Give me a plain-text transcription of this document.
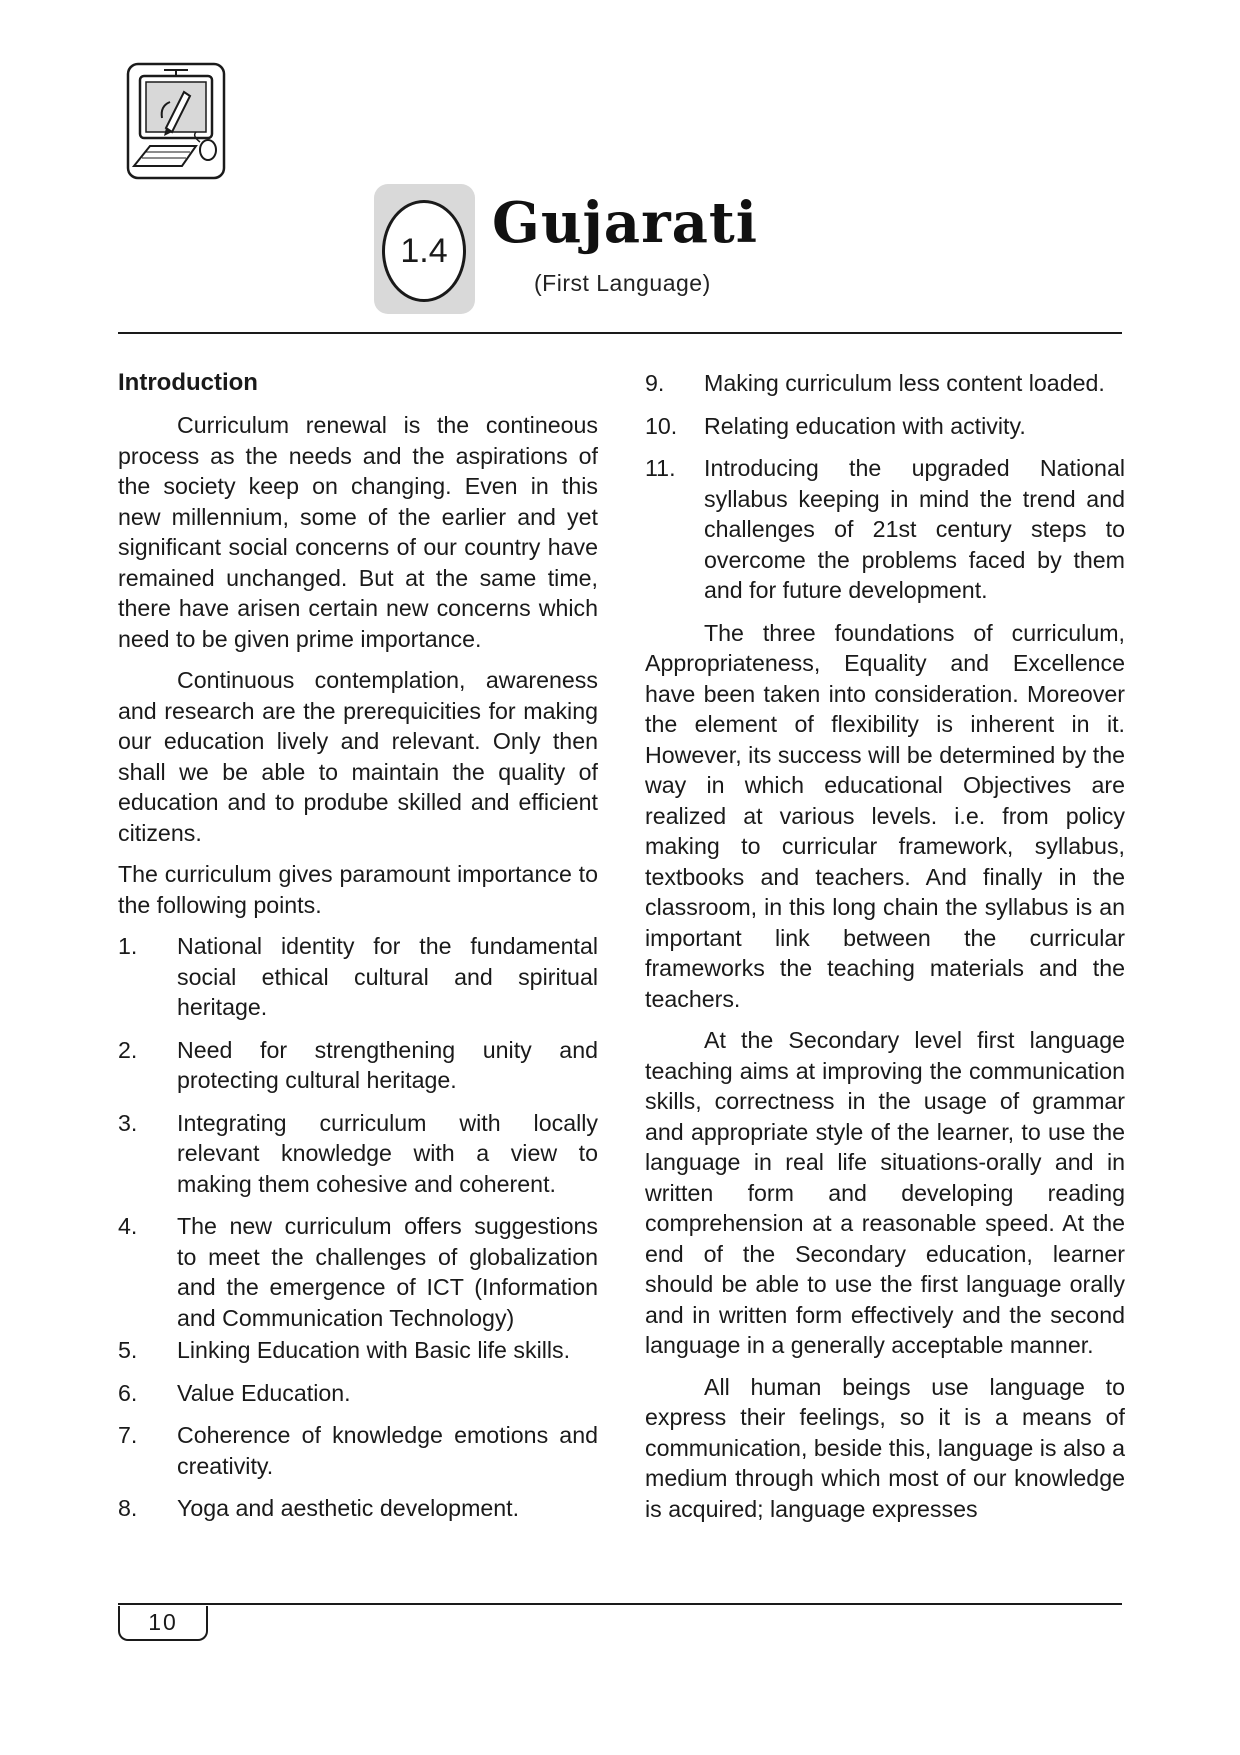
1.4 Gujarati
(First Language)
Introduction

Curriculum renewal is the contineous process as the needs and the aspirations of the society keep on changing. Even in this new millennium, some of the earlier and yet significant social concerns of our country have remained unchanged. But at the same time, there have arisen certain new concerns which need to be given prime importance.

Continuous contemplation, awareness and research are the prerequicities for making our education lively and relevant. Only then shall we be able to maintain the quality of education and to prodube skilled and efficient citizens.

The curriculum gives paramount importance to the following points.

1.	National identity for the fundamental social ethical cultural and spiritual heritage.
2.	Need for strengthening unity and protecting cultural heritage.
3.	Integrating curriculum with locally relevant knowledge with a view to making them cohesive and coherent.
4.	The new curriculum offers suggestions to meet the challenges of globalization and the emergence of ICT (Information and Communication Technology)
5.	Linking Education with Basic life skills.
6.	Value Education.
7.	Coherence of knowledge emotions and creativity.
8.	Yoga and aesthetic development.
9.	Making curriculum less content loaded.
10.	Relating education with activity.
11.	Introducing the upgraded National syllabus keeping in mind the trend and challenges of 21st century steps to overcome the problems faced by them and for future development.

The three foundations of curriculum, Appropriateness, Equality and Excellence have been taken into consideration. Moreover the element of flexibility is inherent in it. However, its success will be determined by the way in which educational Objectives are realized at various levels. i.e. from policy making to curricular framework, syllabus, textbooks and teachers. And finally in the classroom, in this long chain the syllabus is an important link between the curricular frameworks the teaching materials and the teachers.

At the Secondary level first language teaching aims at improving the communication skills, correctness in the usage of grammar and appropriate style of the learner, to use the language in real life situations-orally and in written form and developing reading comprehension at a reasonable speed. At the end of the Secondary education, learner should be able to use the first language orally and in written form effectively and the second language in a generally acceptable manner.

All human beings use language to express their feelings, so it is a means of communication, beside this, language is also a medium through which most of our knowledge is acquired; language expresses

10
